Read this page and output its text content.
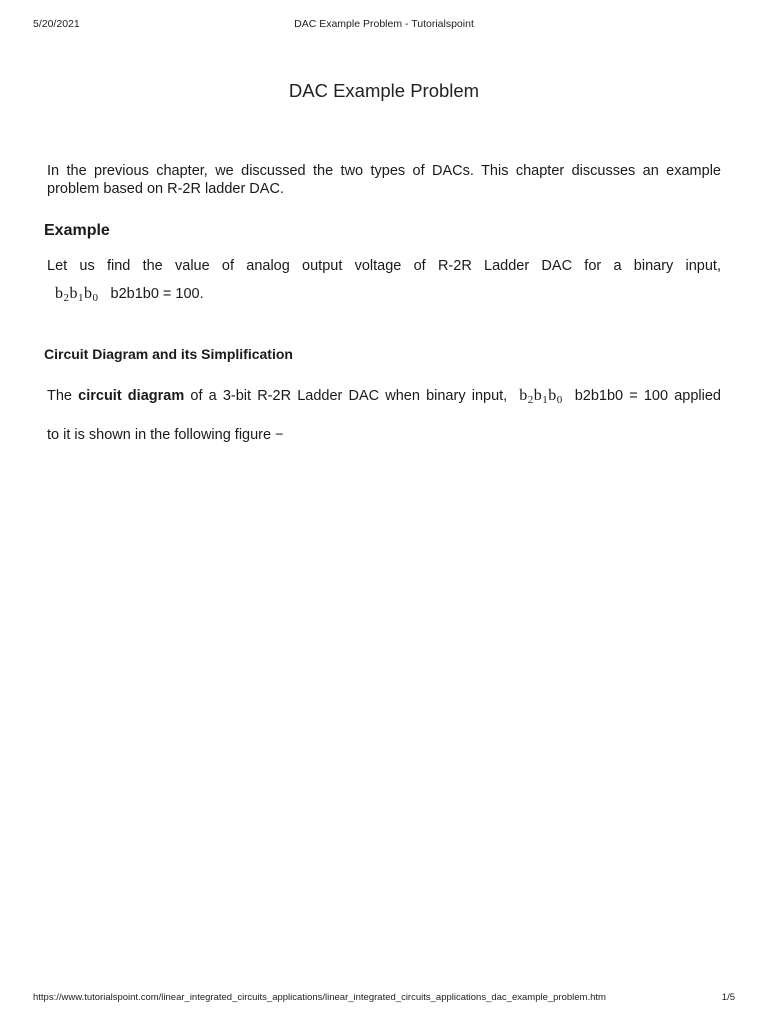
5/20/2021	DAC Example Problem - Tutorialspoint
DAC Example Problem

In the previous chapter, we discussed the two types of DACs. This chapter discusses an example problem based on R-2R ladder DAC.

Example
Let us find the value of analog output voltage of R-2R Ladder DAC for a binary input,
$b_2b_1b_0$ b2b1b0 = 100.
Circuit Diagram and its Simplification
The circuit diagram of a 3-bit R-2R Ladder DAC when binary input, $b_2b_1b_0$ b2b1b0 = 100 applied
to it is shown in the following figure −
https://www.tutorialspoint.com/linear_integrated_circuits_applications/linear_integrated_circuits_applications_dac_example_problem.htm	1/5
